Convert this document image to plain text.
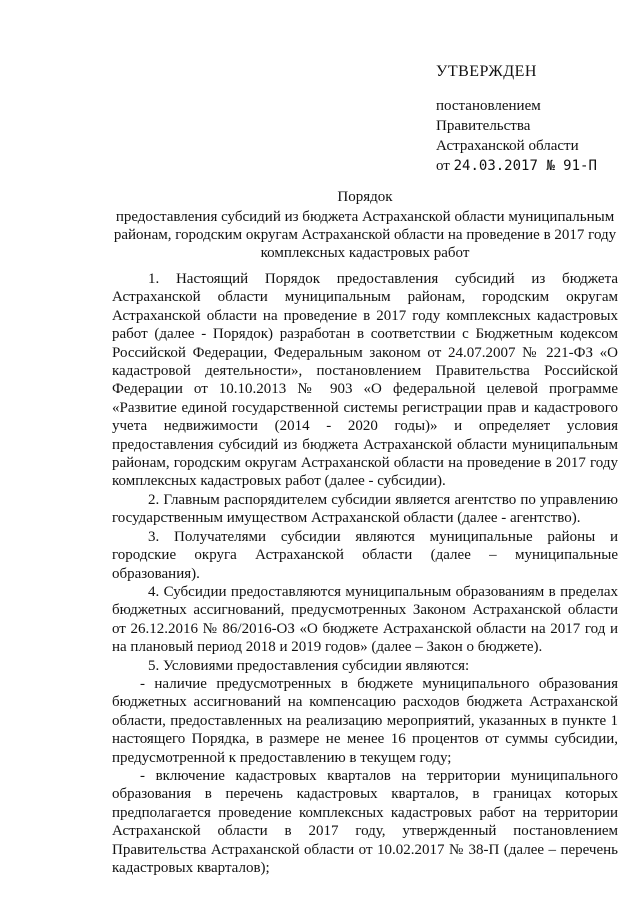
УТВЕРЖДЕН
постановлением
Правительства
Астраханской области
от 24.03.2017 № 91-П
Порядок
предоставления субсидий из бюджета Астраханской области муниципальным районам, городским округам Астраханской области на проведение в 2017 году комплексных кадастровых работ

1. Настоящий Порядок предоставления субсидий из бюджета Астраханской области муниципальным районам, городским округам Астраханской области на проведение в 2017 году комплексных кадастровых работ (далее - Порядок) разработан в соответствии с Бюджетным кодексом Российской Федерации, Федеральным законом от 24.07.2007 № 221-ФЗ «О кадастровой деятельности», постановлением Правительства Российской Федерации от 10.10.2013 № 903 «О федеральной целевой программе «Развитие единой государственной системы регистрации прав и кадастрового учета недвижимости (2014 - 2020 годы)» и определяет условия предоставления субсидий из бюджета Астраханской области муниципальным районам, городским округам Астраханской области на проведение в 2017 году комплексных кадастровых работ (далее - субсидии).

2. Главным распорядителем субсидии является агентство по управлению государственным имуществом Астраханской области (далее - агентство).

3. Получателями субсидии являются муниципальные районы и городские округа Астраханской области (далее – муниципальные образования).

4. Субсидии предоставляются муниципальным образованиям в пределах бюджетных ассигнований, предусмотренных Законом Астраханской области от 26.12.2016 № 86/2016-ОЗ «О бюджете Астраханской области на 2017 год и на плановый период 2018 и 2019 годов» (далее – Закон о бюджете).

5. Условиями предоставления субсидии являются:

- наличие предусмотренных в бюджете муниципального образования бюджетных ассигнований на компенсацию расходов бюджета Астраханской области, предоставленных на реализацию мероприятий, указанных в пункте 1 настоящего Порядка, в размере не менее 16 процентов от суммы субсидии, предусмотренной к предоставлению в текущем году;

- включение кадастровых кварталов на территории муниципального образования в перечень кадастровых кварталов, в границах которых предполагается проведение комплексных кадастровых работ на территории Астраханской области в 2017 году, утвержденный постановлением Правительства Астраханской области от 10.02.2017 № 38-П (далее – перечень кадастровых кварталов);
